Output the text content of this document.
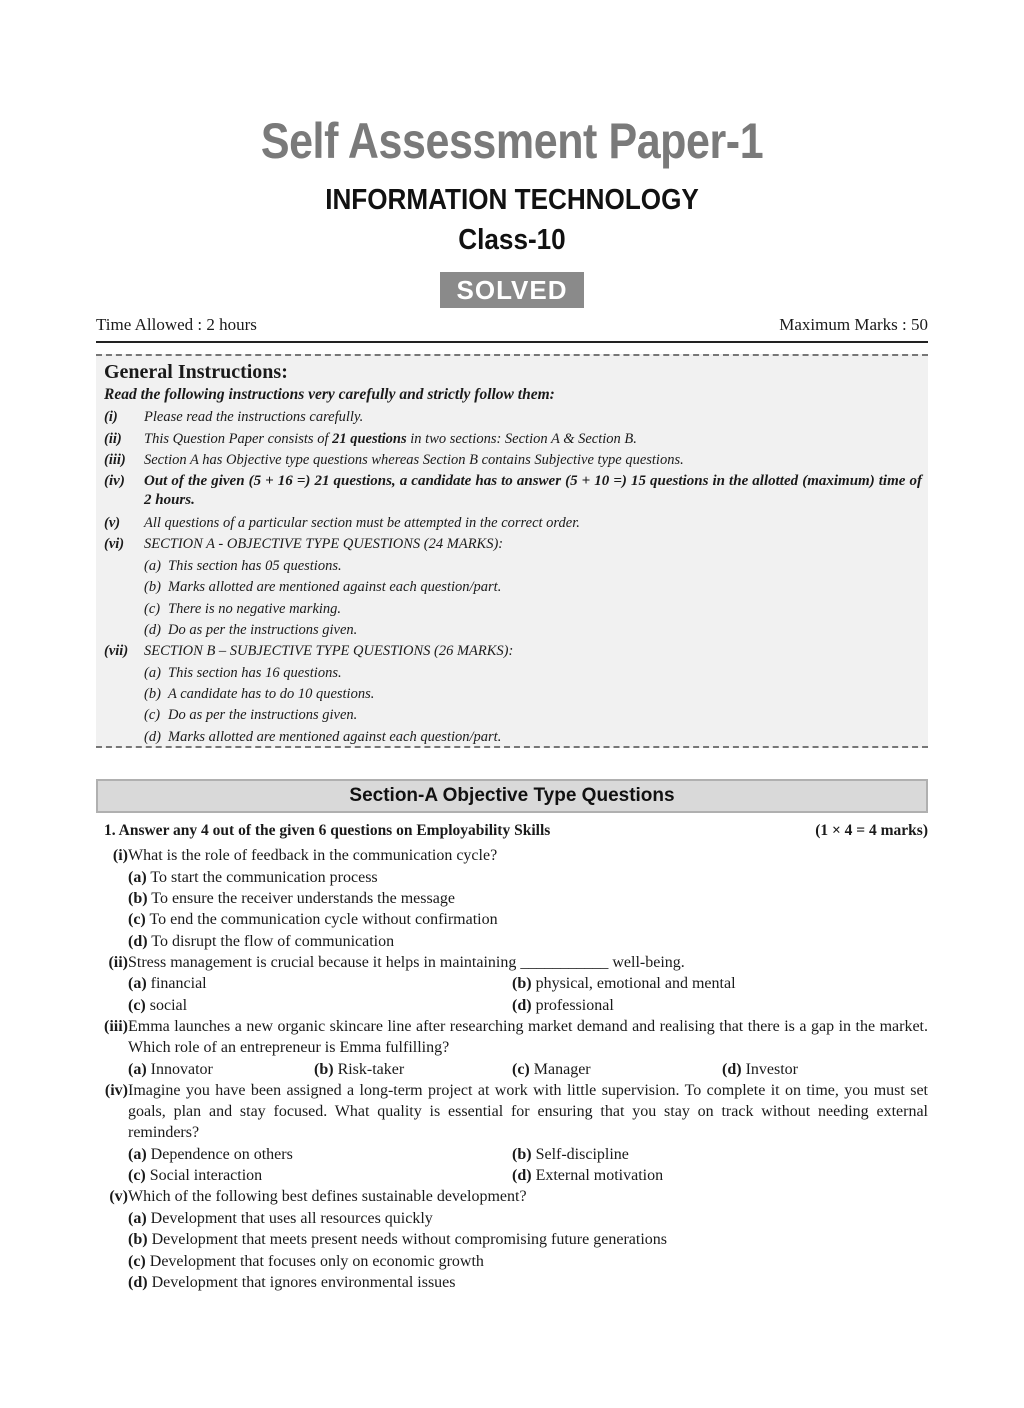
Self Assessment Paper-1
INFORMATION TECHNOLOGY
Class-10
SOLVED
Time Allowed : 2 hours	Maximum Marks : 50
General Instructions:
Read the following instructions very carefully and strictly follow them:
(i)	Please read the instructions carefully.
(ii)	This Question Paper consists of 21 questions in two sections: Section A & Section B.
(iii)	Section A has Objective type questions whereas Section B contains Subjective type questions.
(iv)	Out of the given (5 + 16 =) 21 questions, a candidate has to answer (5 + 10 =) 15 questions in the allotted (maximum) time of 2 hours.
(v)	All questions of a particular section must be attempted in the correct order.
(vi)	SECTION A - OBJECTIVE TYPE QUESTIONS (24 MARKS):
(a) This section has 05 questions.
(b) Marks allotted are mentioned against each question/part.
(c) There is no negative marking.
(d) Do as per the instructions given.
(vii)	SECTION B – SUBJECTIVE TYPE QUESTIONS (26 MARKS):
(a) This section has 16 questions.
(b) A candidate has to do 10 questions.
(c) Do as per the instructions given.
(d) Marks allotted are mentioned against each question/part.
Section-A Objective Type Questions
1. Answer any 4 out of the given 6 questions on Employability Skills	(1 × 4 = 4 marks)
(i) What is the role of feedback in the communication cycle?
(a) To start the communication process
(b) To ensure the receiver understands the message
(c) To end the communication cycle without confirmation
(d) To disrupt the flow of communication
(ii) Stress management is crucial because it helps in maintaining ___________ well-being.
(a) financial	(b) physical, emotional and mental
(c) social	(d) professional
(iii) Emma launches a new organic skincare line after researching market demand and realising that there is a gap in the market. Which role of an entrepreneur is Emma fulfilling?
(a) Innovator	(b) Risk-taker	(c) Manager	(d) Investor
(iv) Imagine you have been assigned a long-term project at work with little supervision. To complete it on time, you must set goals, plan and stay focused. What quality is essential for ensuring that you stay on track without needing external reminders?
(a) Dependence on others	(b) Self-discipline
(c) Social interaction	(d) External motivation
(v) Which of the following best defines sustainable development?
(a) Development that uses all resources quickly
(b) Development that meets present needs without compromising future generations
(c) Development that focuses only on economic growth
(d) Development that ignores environmental issues
